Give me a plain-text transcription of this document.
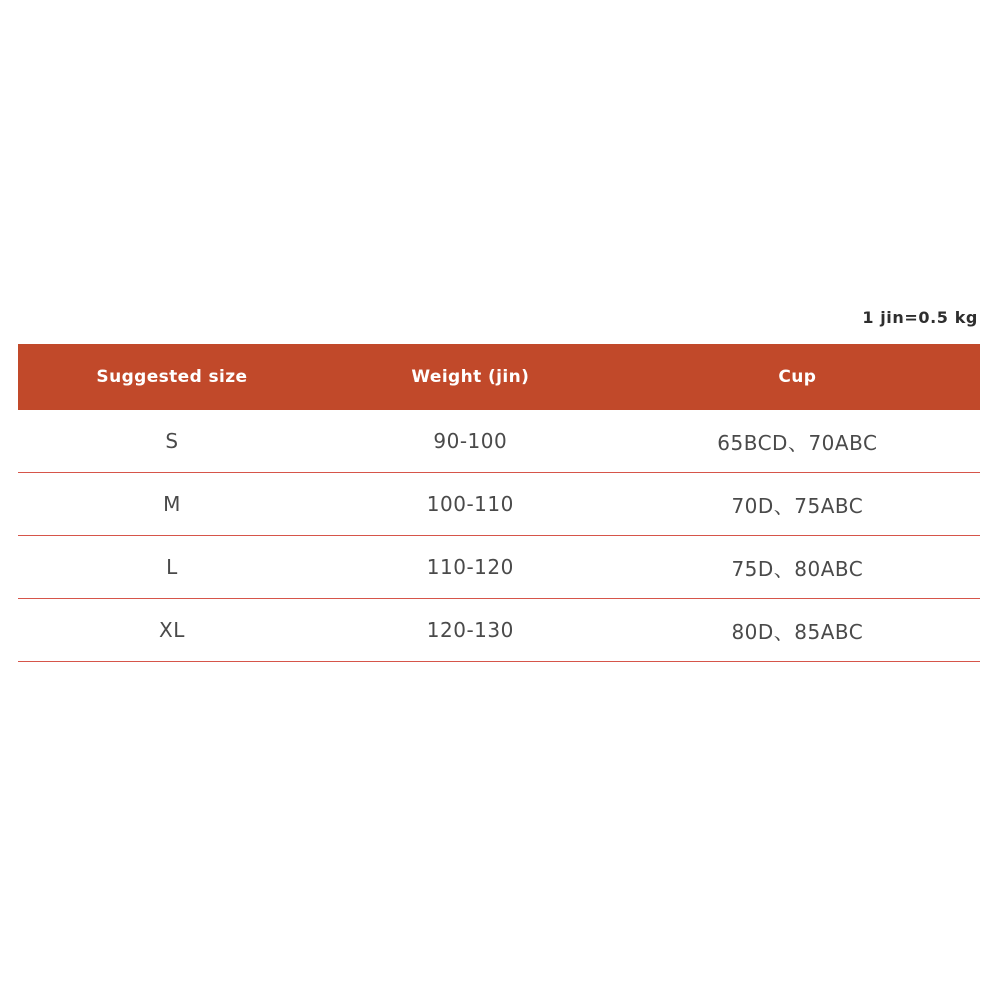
1 jin=0.5 kg
Suggested size	Weight (jin)	Cup
S	90-100	65BCD、70ABC
M	100-110	70D、75ABC
L	110-120	75D、80ABC
XL	120-130	80D、85ABC
